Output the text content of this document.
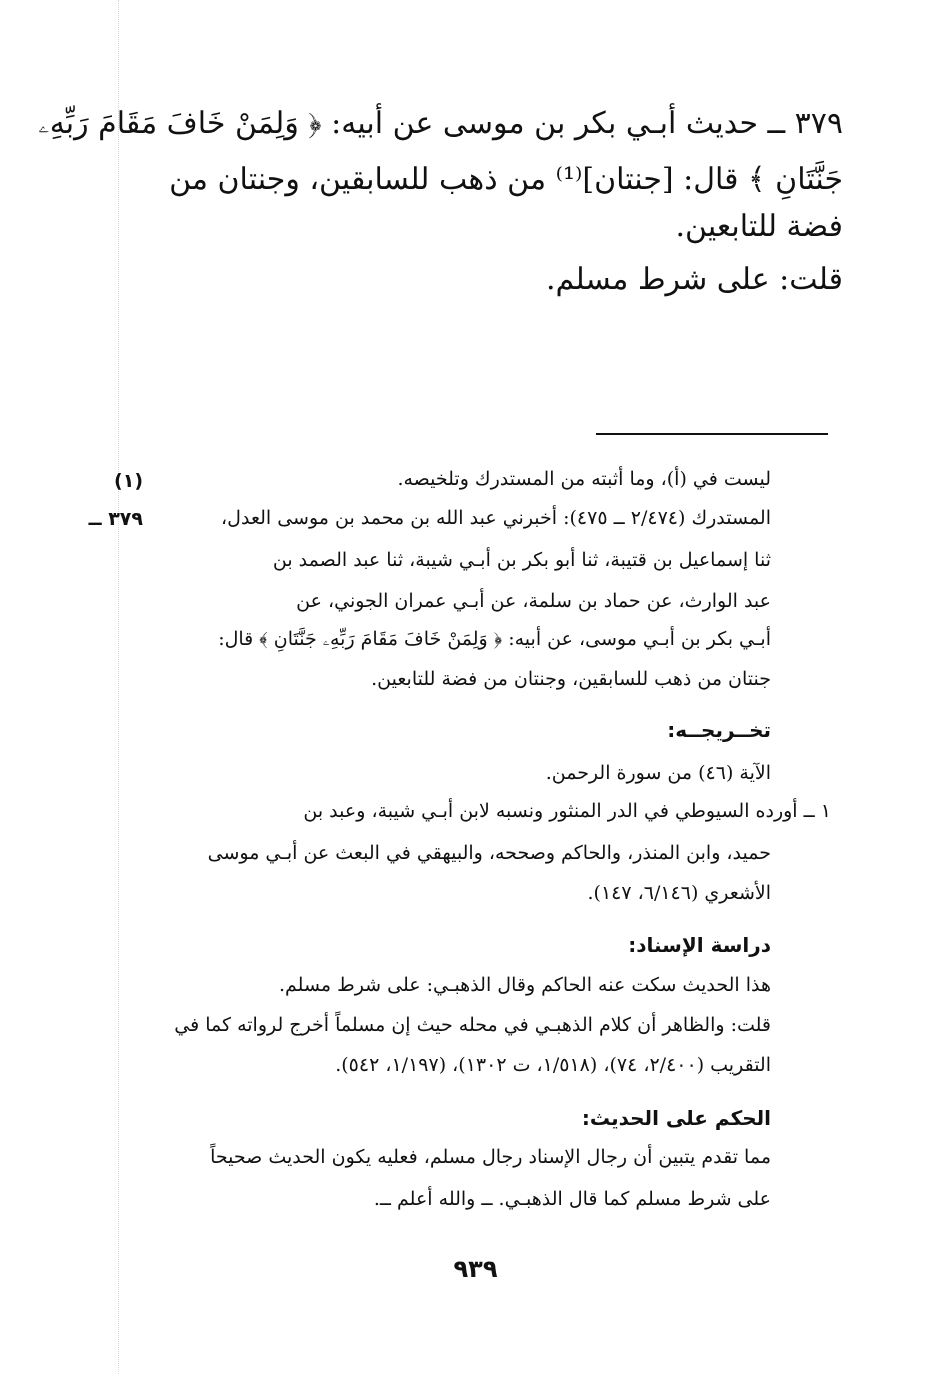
٣٧٩ ــ حديث أبـي بكر بن موسى عن أبيه: ﴿ وَلِمَنْ خَافَ مَقَامَ رَبِّهِۦ
جَنَّتَانِ ﴾ قال: [جنتان]⁽¹⁾ من ذهب للسابقين، وجنتان من
فضة للتابعين.
قلت: على شرط مسلم.
(١)	ليست في (أ)، وما أثبته من المستدرك وتلخيصه.
٣٧٩ ــ	المستدرك (٢/٤٧٤ ــ ٤٧٥): أخبرني عبد الله بن محمد بن موسى العدل،
ثنا إسماعيل بن قتيبة، ثنا أبو بكر بن أبـي شيبة، ثنا عبد الصمد بن
عبد الوارث، عن حماد بن سلمة، عن أبـي عمران الجوني، عن
أبـي بكر بن أبـي موسى، عن أبيه: ﴿ وَلِمَنْ خَافَ مَقَامَ رَبِّهِۦ جَنَّتَانِ ﴾ قال:
جنتان من ذهب للسابقين، وجنتان من فضة للتابعين.
تخــريجــه:
الآية (٤٦) من سورة الرحمن.
١ ــ أورده السيوطي في الدر المنثور ونسبه لابن أبـي شيبة، وعبد بن
حميد، وابن المنذر، والحاكم وصححه، والبيهقي في البعث عن أبـي موسى
الأشعري (٦/١٤٦، ١٤٧).
دراسة الإسناد:
هذا الحديث سكت عنه الحاكم وقال الذهبـي: على شرط مسلم.
قلت: والظاهر أن كلام الذهبـي في محله حيث إن مسلماً أخرج لرواته كما في
التقريب (٢/٤٠٠، ٧٤)، (١/٥١٨، ت ١٣٠٢)، (١/١٩٧، ٥٤٢).
الحكم على الحديث:
مما تقدم يتبين أن رجال الإسناد رجال مسلم، فعليه يكون الحديث صحيحاً
على شرط مسلم كما قال الذهبـي. ــ والله أعلم ــ.
٩٣٩
